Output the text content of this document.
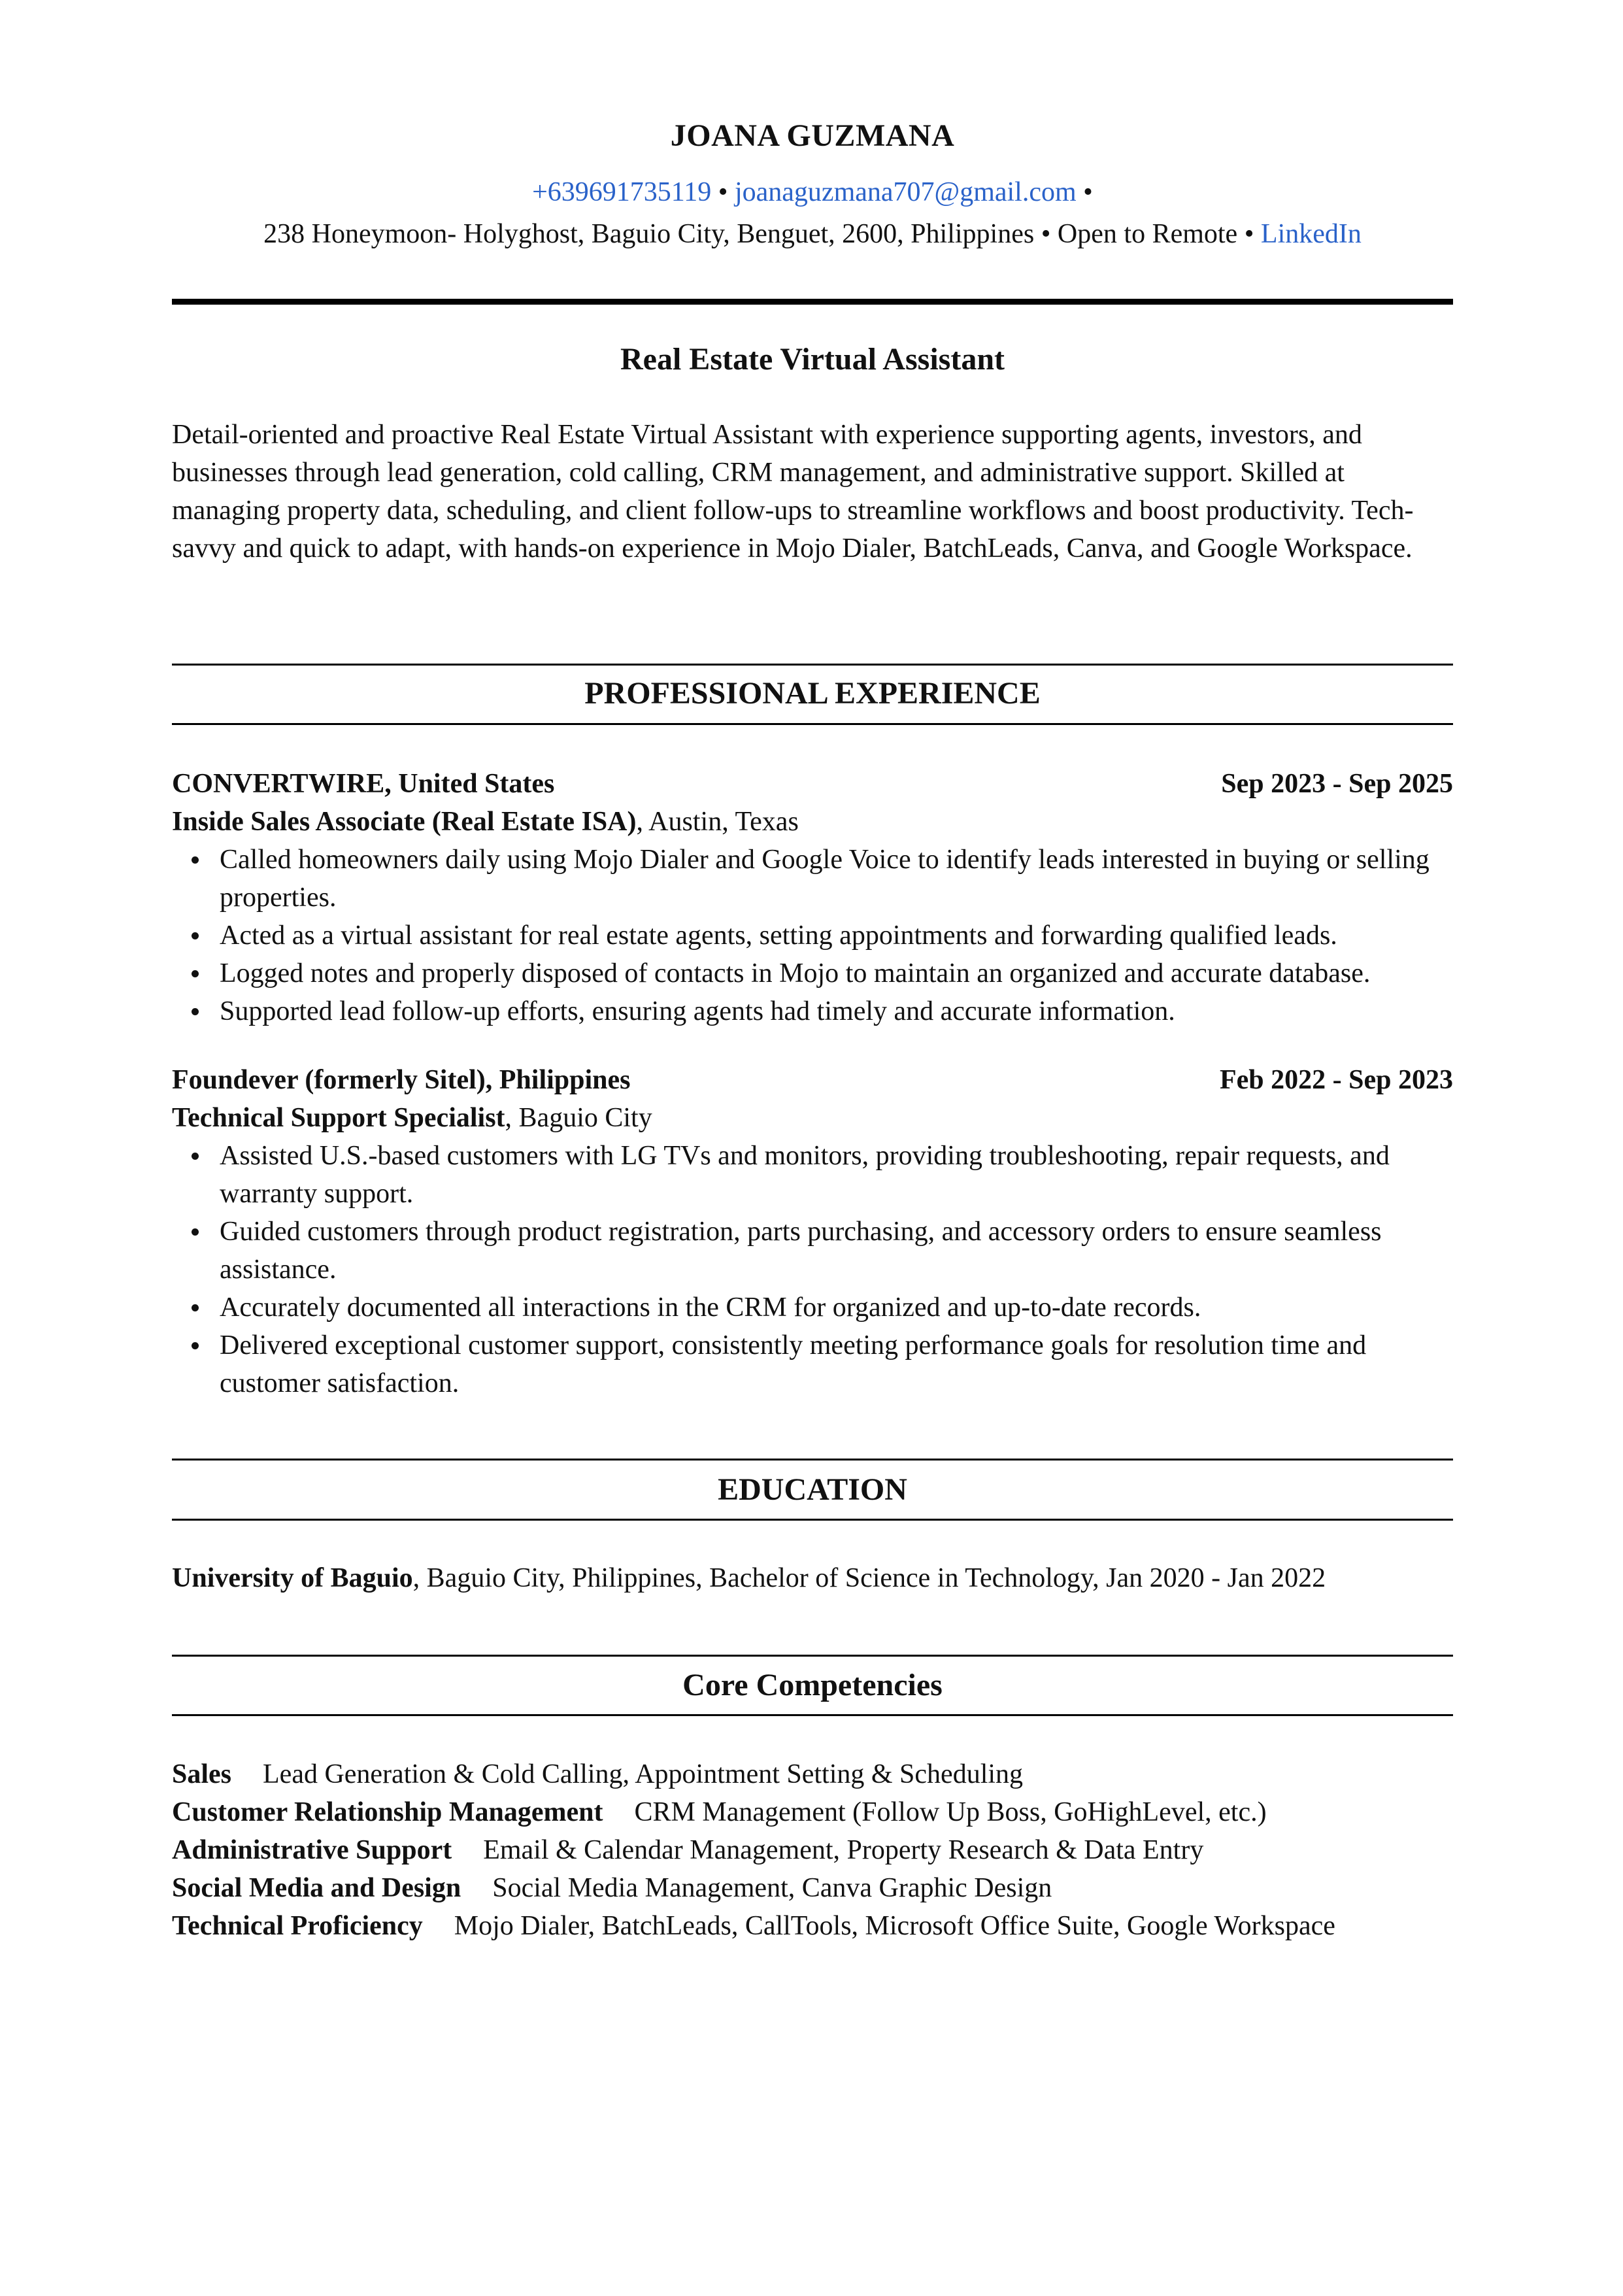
JOANA GUZMANA
+639691735119 • joanaguzmana707@gmail.com •
238 Honeymoon- Holyghost, Baguio City, Benguet, 2600, Philippines • Open to Remote • LinkedIn
Real Estate Virtual Assistant
Detail-oriented and proactive Real Estate Virtual Assistant with experience supporting agents, investors, and businesses through lead generation, cold calling, CRM management, and administrative support. Skilled at managing property data, scheduling, and client follow-ups to streamline workflows and boost productivity. Tech-savvy and quick to adapt, with hands-on experience in Mojo Dialer, BatchLeads, Canva, and Google Workspace.
PROFESSIONAL EXPERIENCE
CONVERTWIRE, United States	Sep 2023 - Sep 2025
Inside Sales Associate (Real Estate ISA), Austin, Texas
Called homeowners daily using Mojo Dialer and Google Voice to identify leads interested in buying or selling properties.
Acted as a virtual assistant for real estate agents, setting appointments and forwarding qualified leads.
Logged notes and properly disposed of contacts in Mojo to maintain an organized and accurate database.
Supported lead follow-up efforts, ensuring agents had timely and accurate information.
Foundever (formerly Sitel), Philippines	Feb 2022 - Sep 2023
Technical Support Specialist, Baguio City
Assisted U.S.-based customers with LG TVs and monitors, providing troubleshooting, repair requests, and warranty support.
Guided customers through product registration, parts purchasing, and accessory orders to ensure seamless assistance.
Accurately documented all interactions in the CRM for organized and up-to-date records.
Delivered exceptional customer support, consistently meeting performance goals for resolution time and customer satisfaction.
EDUCATION
University of Baguio, Baguio City, Philippines, Bachelor of Science in Technology, Jan 2020 - Jan 2022
Core Competencies
Sales Lead Generation & Cold Calling, Appointment Setting & Scheduling
Customer Relationship Management CRM Management (Follow Up Boss, GoHighLevel, etc.)
Administrative Support Email & Calendar Management, Property Research & Data Entry
Social Media and Design Social Media Management, Canva Graphic Design
Technical Proficiency Mojo Dialer, BatchLeads, CallTools, Microsoft Office Suite, Google Workspace
